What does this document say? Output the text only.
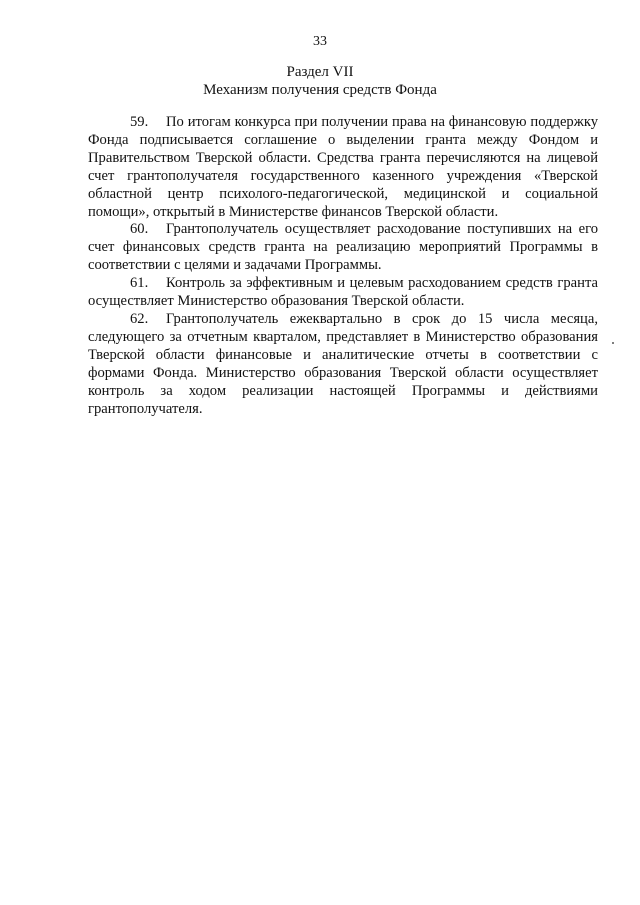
33
Раздел VII
Механизм получения средств Фонда

59. По итогам конкурса при получении права на финансовую поддержку Фонда подписывается соглашение о выделении гранта между Фондом и Правительством Тверской области. Средства гранта перечисляются на лицевой счет грантополучателя государственного казенного учреждения «Тверской областной центр психолого-педагогической, медицинской и социальной помощи», открытый в Министерстве финансов Тверской области.

60. Грантополучатель осуществляет расходование поступивших на его счет финансовых средств гранта на реализацию мероприятий Программы в соответствии с целями и задачами Программы.

61. Контроль за эффективным и целевым расходованием средств гранта осуществляет Министерство образования Тверской области.

62. Грантополучатель ежеквартально в срок до 15 числа месяца, следующего за отчетным кварталом, представляет в Министерство образования Тверской области финансовые и аналитические отчеты в соответствии с формами Фонда. Министерство образования Тверской области осуществляет контроль за ходом реализации настоящей Программы и действиями грантополучателя.
